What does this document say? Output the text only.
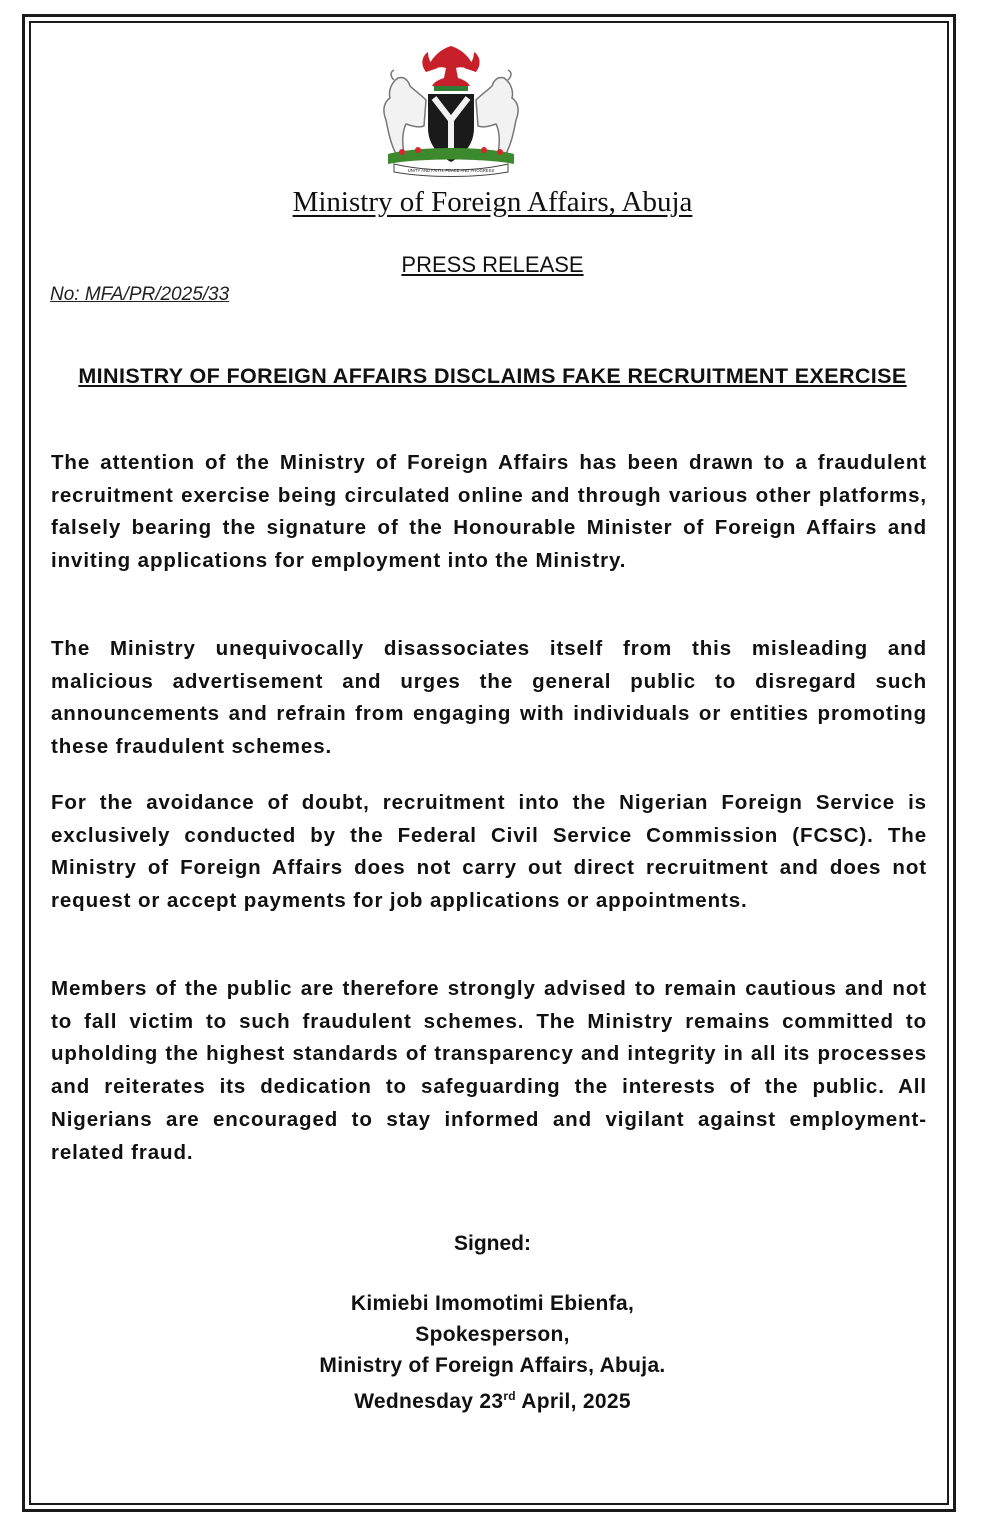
UNITY AND FAITH, PEACE AND PROGRESS
Ministry of Foreign Affairs, Abuja
PRESS RELEASE
No: MFA/PR/2025/33
MINISTRY OF FOREIGN AFFAIRS DISCLAIMS FAKE RECRUITMENT EXERCISE
The attention of the Ministry of Foreign Affairs has been drawn to a fraudulent recruitment exercise being circulated online and through various other platforms, falsely bearing the signature of the Honourable Minister of Foreign Affairs and inviting applications for employment into the Ministry.
The Ministry unequivocally disassociates itself from this misleading and malicious advertisement and urges the general public to disregard such announcements and refrain from engaging with individuals or entities promoting these fraudulent schemes.
For the avoidance of doubt, recruitment into the Nigerian Foreign Service is exclusively conducted by the Federal Civil Service Commission (FCSC). The Ministry of Foreign Affairs does not carry out direct recruitment and does not request or accept payments for job applications or appointments.
Members of the public are therefore strongly advised to remain cautious and not to fall victim to such fraudulent schemes. The Ministry remains committed to upholding the highest standards of transparency and integrity in all its processes and reiterates its dedication to safeguarding the interests of the public. All Nigerians are encouraged to stay informed and vigilant against employment-related fraud.
Signed:
Kimiebi Imomotimi Ebienfa,
Spokesperson,
Ministry of Foreign Affairs, Abuja.
Wednesday 23rd April, 2025
